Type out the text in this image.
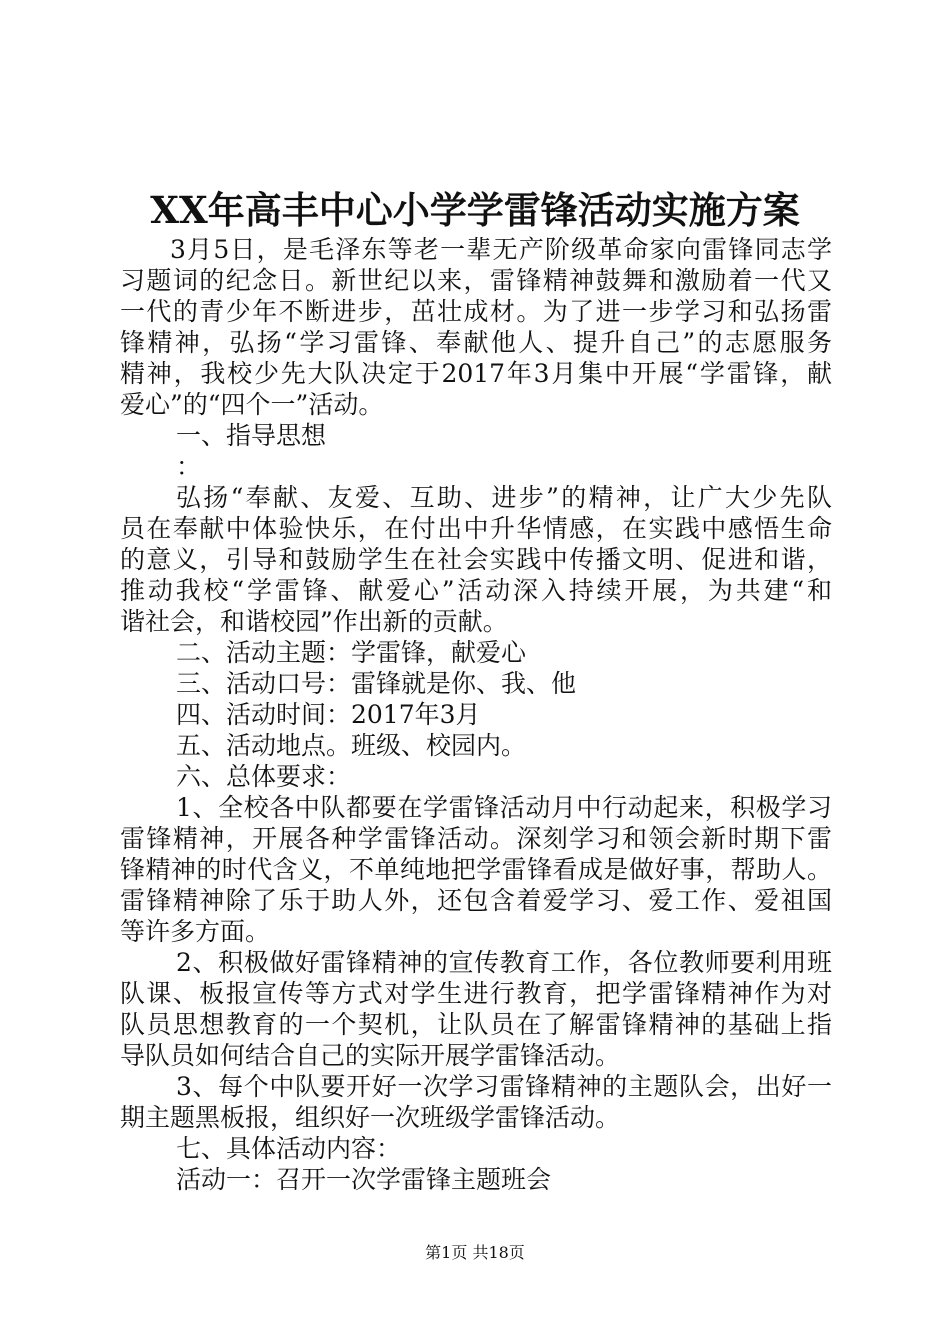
XX年高丰中心小学学雷锋活动实施方案
3月5日，是毛泽东等老一辈无产阶级革命家向雷锋同志学
习题词的纪念日。新世纪以来，雷锋精神鼓舞和激励着一代又
一代的青少年不断进步，茁壮成材。为了进一步学习和弘扬雷
锋精神，弘扬“学习雷锋、奉献他人、提升自己”的志愿服务
精神，我校少先大队决定于2017年3月集中开展“学雷锋，献
爱心”的“四个一”活动。
一、指导思想
：
弘扬“奉献、友爱、互助、进步”的精神，让广大少先队
员在奉献中体验快乐，在付出中升华情感，在实践中感悟生命
的意义，引导和鼓励学生在社会实践中传播文明、促进和谐，
推动我校“学雷锋、献爱心”活动深入持续开展，为共建“和
谐社会，和谐校园”作出新的贡献。
二、活动主题：学雷锋，献爱心
三、活动口号：雷锋就是你、我、他
四、活动时间：2017年3月
五、活动地点。班级、校园内。
六、总体要求：
1、全校各中队都要在学雷锋活动月中行动起来，积极学习
雷锋精神，开展各种学雷锋活动。深刻学习和领会新时期下雷
锋精神的时代含义，不单纯地把学雷锋看成是做好事，帮助人。
雷锋精神除了乐于助人外，还包含着爱学习、爱工作、爱祖国
等许多方面。
2、积极做好雷锋精神的宣传教育工作，各位教师要利用班
队课、板报宣传等方式对学生进行教育，把学雷锋精神作为对
队员思想教育的一个契机，让队员在了解雷锋精神的基础上指
导队员如何结合自己的实际开展学雷锋活动。
3、每个中队要开好一次学习雷锋精神的主题队会，出好一
期主题黑板报，组织好一次班级学雷锋活动。
七、具体活动内容：
活动一：召开一次学雷锋主题班会
第1页 共18页
